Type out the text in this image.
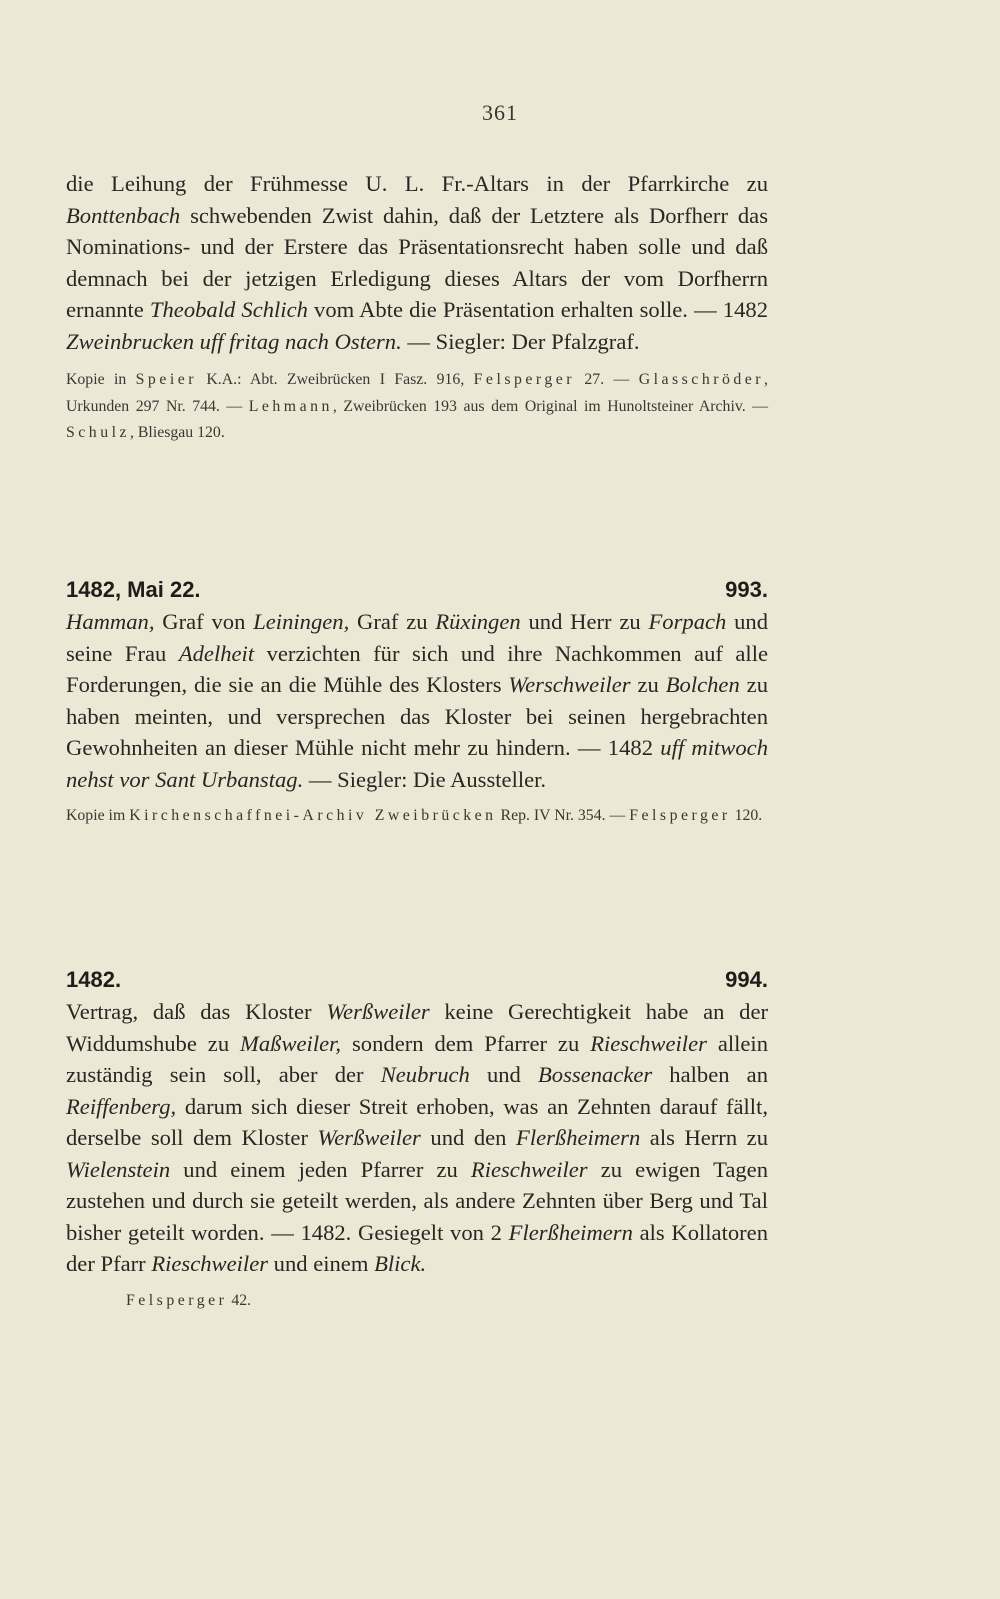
361

die Leihung der Frühmesse U. L. Fr.-Altars in der Pfarrkirche zu Bonttenbach schwebenden Zwist dahin, daß der Letztere als Dorfherr das Nominations- und der Erstere das Präsentationsrecht haben solle und daß demnach bei der jetzigen Erledigung dieses Altars der vom Dorfherrn ernannte Theobald Schlich vom Abte die Präsentation erhalten solle. — 1482 Zweinbrucken uff fritag nach Ostern. — Siegler: Der Pfalzgraf.

Kopie in Speier K.A.: Abt. Zweibrücken I Fasz. 916, Felsperger 27. — Glasschröder, Urkunden 297 Nr. 744. — Lehmann, Zweibrücken 193 aus dem Original im Hunoltsteiner Archiv. — Schulz, Bliesgau 120.

1482, Mai 22.	993.

Hamman, Graf von Leiningen, Graf zu Rüxingen und Herr zu Forpach und seine Frau Adelheit verzichten für sich und ihre Nachkommen auf alle Forderungen, die sie an die Mühle des Klosters Werschweiler zu Bolchen zu haben meinten, und versprechen das Kloster bei seinen hergebrachten Gewohnheiten an dieser Mühle nicht mehr zu hindern. — 1482 uff mitwoch nehst vor Sant Urbanstag. — Siegler: Die Aussteller.

Kopie im Kirchenschaffnei-Archiv Zweibrücken Rep. IV Nr. 354. — Felsperger 120.

1482.	994.

Vertrag, daß das Kloster Werßweiler keine Gerechtigkeit habe an der Widdumshube zu Maßweiler, sondern dem Pfarrer zu Rieschweiler allein zuständig sein soll, aber der Neubruch und Bossenacker halben an Reiffenberg, darum sich dieser Streit erhoben, was an Zehnten darauf fällt, derselbe soll dem Kloster Werßweiler und den Flerßheimern als Herrn zu Wielenstein und einem jeden Pfarrer zu Rieschweiler zu ewigen Tagen zustehen und durch sie geteilt werden, als andere Zehnten über Berg und Tal bisher geteilt worden. — 1482. Gesiegelt von 2 Flerßheimern als Kollatoren der Pfarr Rieschweiler und einem Blick.

Felsperger 42.
